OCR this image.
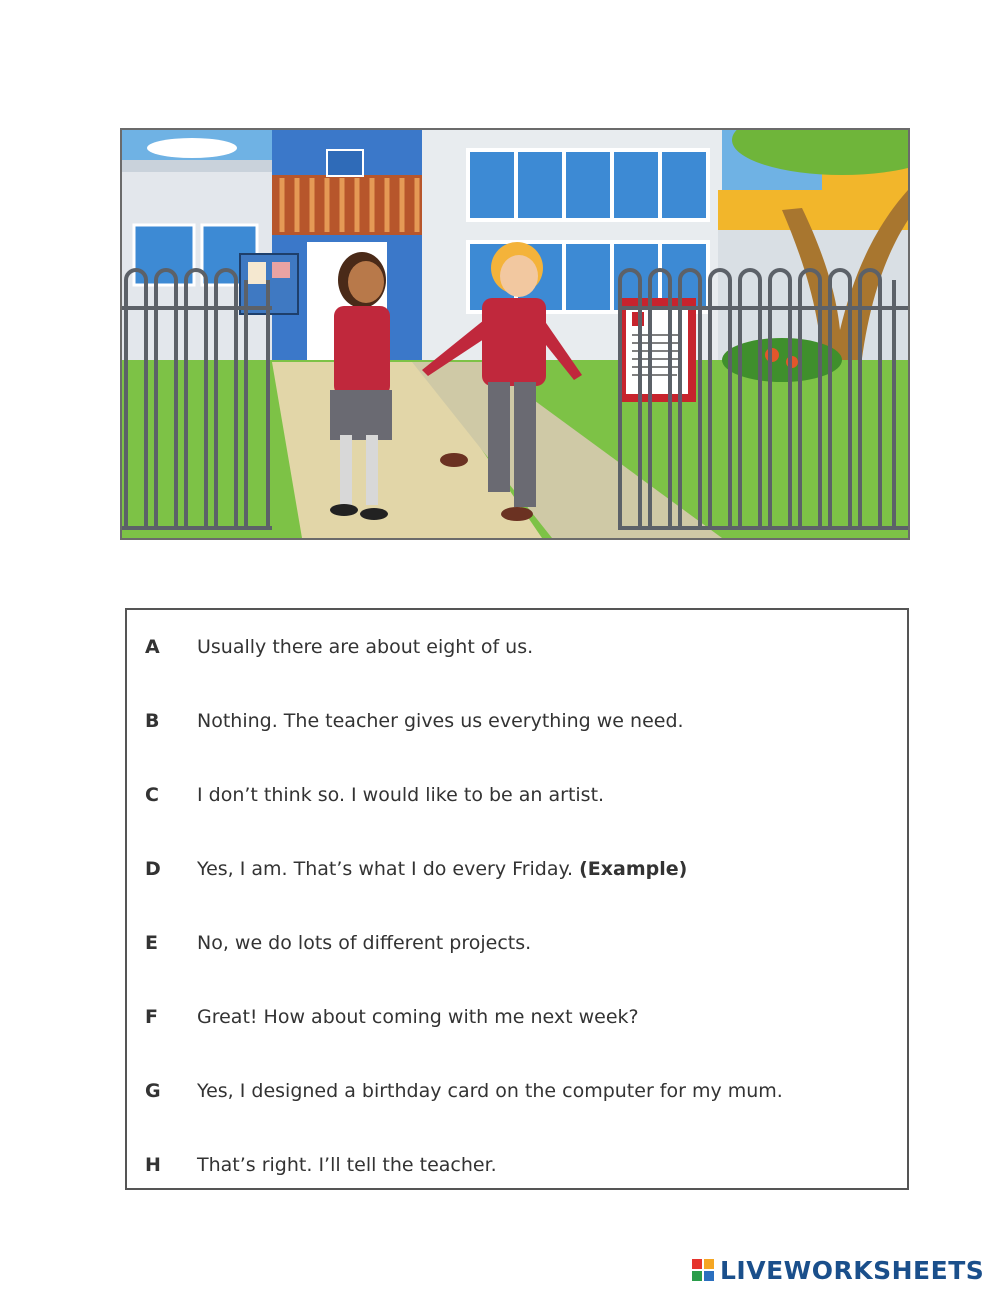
A Usually there are about eight of us.
B Nothing. The teacher gives us everything we need.
C I don’t think so. I would like to be an artist.
D Yes, I am. That’s what I do every Friday. (Example)
E No, we do lots of different projects.
F Great! How about coming with me next week?
G Yes, I designed a birthday card on the computer for my mum.
H That’s right. I’ll tell the teacher.
LIVEWORKSHEETS
